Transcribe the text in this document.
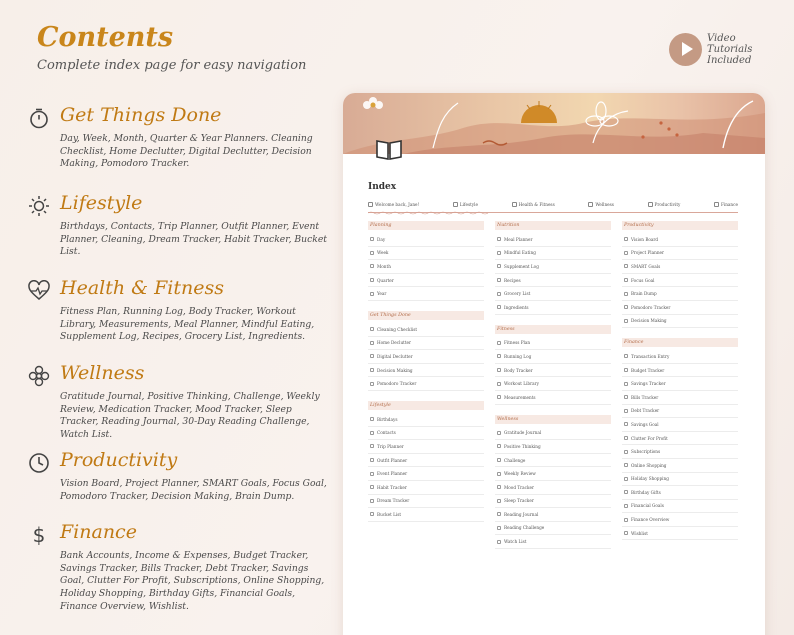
Contents
Complete index page for easy navigation
Video Tutorials Included
Get Things Done
Day, Week, Month, Quarter & Year Planners. Cleaning Checklist, Home Declutter, Digital Declutter, Decision Making, Pomodoro Tracker.
Lifestyle
Birthdays, Contacts, Trip Planner, Outfit Planner, Event Planner, Cleaning, Dream Tracker, Habit Tracker, Bucket List.
Health & Fitness
Fitness Plan, Running Log, Body Tracker, Workout Library, Measurements, Meal Planner, Mindful Eating, Supplement Log, Recipes, Grocery List, Ingredients.
Wellness
Gratitude Journal, Positive Thinking, Challenge, Weekly Review, Medication Tracker, Mood Tracker, Sleep Tracker, Reading Journal, 30-Day Reading Challenge, Watch List.
Productivity
Vision Board, Project Planner, SMART Goals, Focus Goal, Pomodoro Tracker, Decision Making, Brain Dump.
$ Finance
Bank Accounts, Income & Expenses, Budget Tracker, Savings Tracker, Bills Tracker, Debt Tracker, Savings Goal, Clutter For Profit, Subscriptions, Online Shopping, Holiday Shopping, Birthday Gifts, Financial Goals, Finance Overview, Wishlist.
Index
Welcome back, Jane!	Lifestyle	Health & Fitness	Wellness	Productivity	Finance
Planning
Day
Week
Month
Quarter
Year
Get Things Done
Cleaning Checklist
Home Declutter
Digital Declutter
Decision Making
Pomodoro Tracker
Lifestyle
Birthdays
Contacts
Trip Planner
Outfit Planner
Event Planner
Habit Tracker
Dream Tracker
Bucket List
Nutrition
Meal Planner
Mindful Eating
Supplement Log
Recipes
Grocery List
Ingredients
Fitness
Fitness Plan
Running Log
Body Tracker
Workout Library
Measurements
Wellness
Gratitude Journal
Positive Thinking
Challenge
Weekly Review
Mood Tracker
Sleep Tracker
Reading Journal
Reading Challenge
Watch List
Productivity
Vision Board
Project Planner
SMART Goals
Focus Goal
Brain Dump
Pomodoro Tracker
Decision Making
Finance
Transaction Entry
Budget Tracker
Savings Tracker
Bills Tracker
Debt Tracker
Savings Goal
Clutter For Profit
Subscriptions
Online Shopping
Holiday Shopping
Birthday Gifts
Financial Goals
Finance Overview
Wishlist
